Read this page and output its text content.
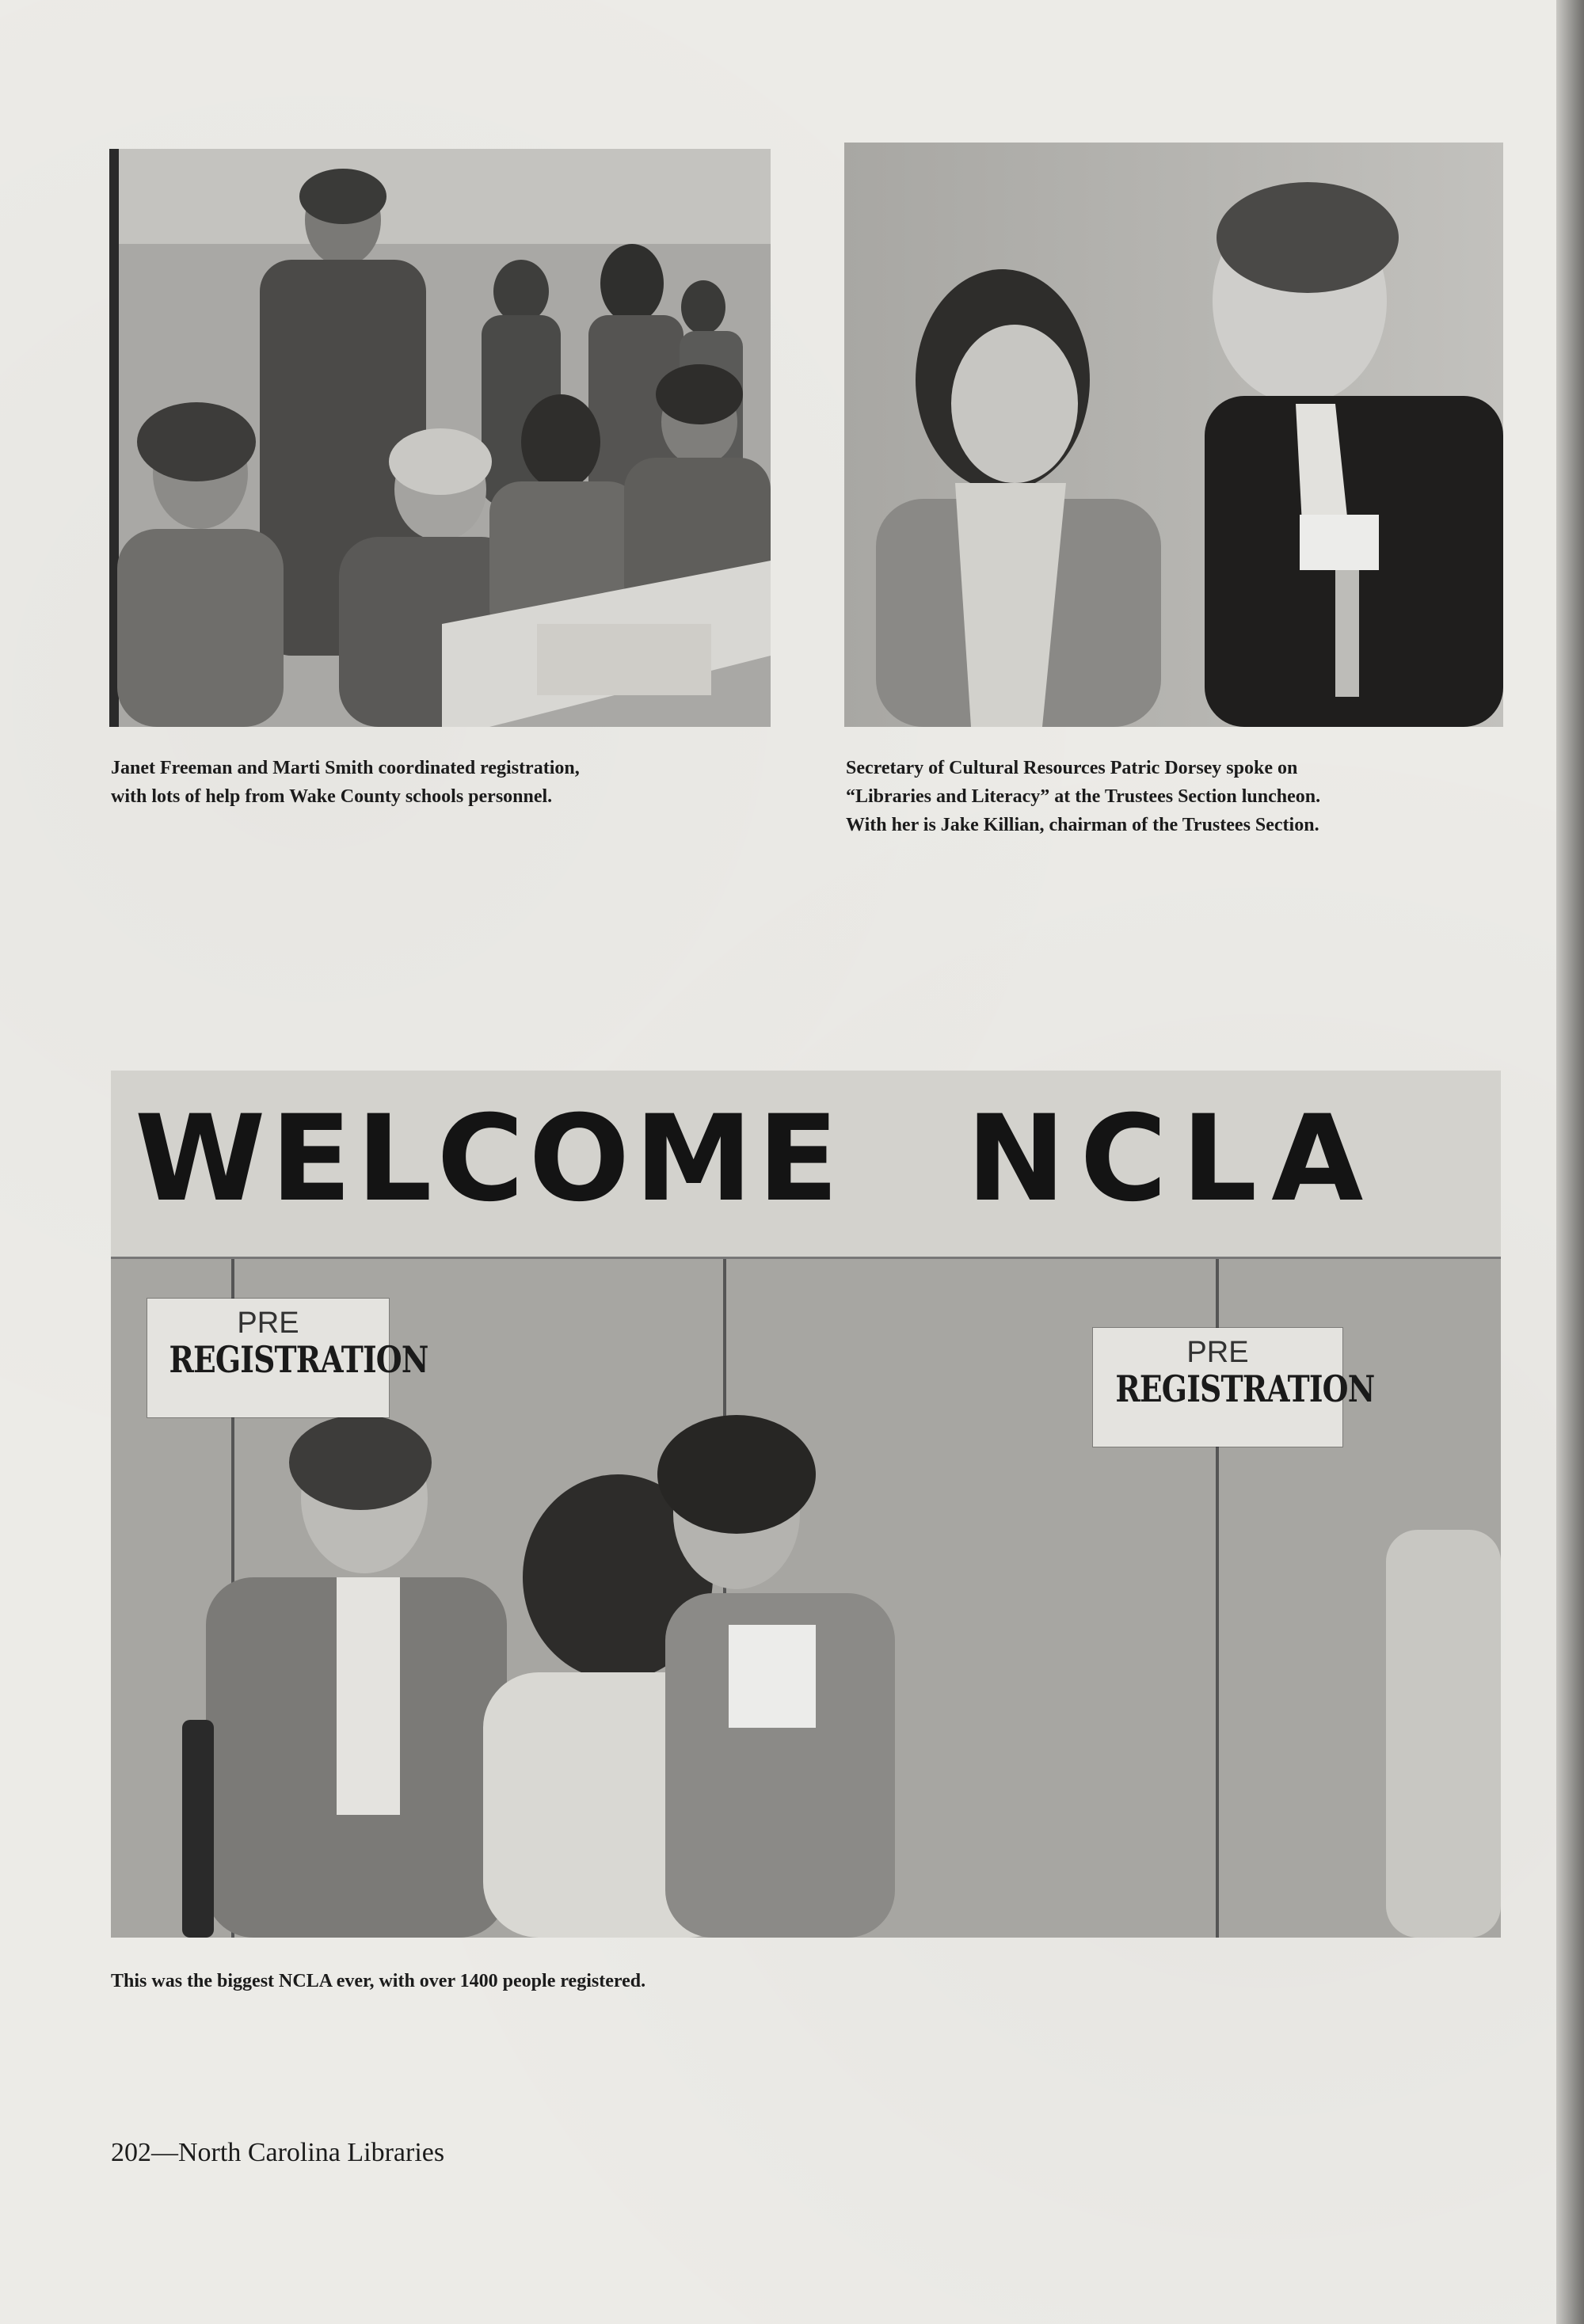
Janet Freeman and Marti Smith coordinated registration,
with lots of help from Wake County schools personnel.

Secretary of Cultural Resources Patric Dorsey spoke on
“Libraries and Literacy” at the Trustees Section luncheon.
With her is Jake Killian, chairman of the Trustees Section.

WELCOME NCLA
PRE
REGISTRATION	PRE
REGISTRATION

This was the biggest NCLA ever, with over 1400 people registered.

202—North Carolina Libraries
